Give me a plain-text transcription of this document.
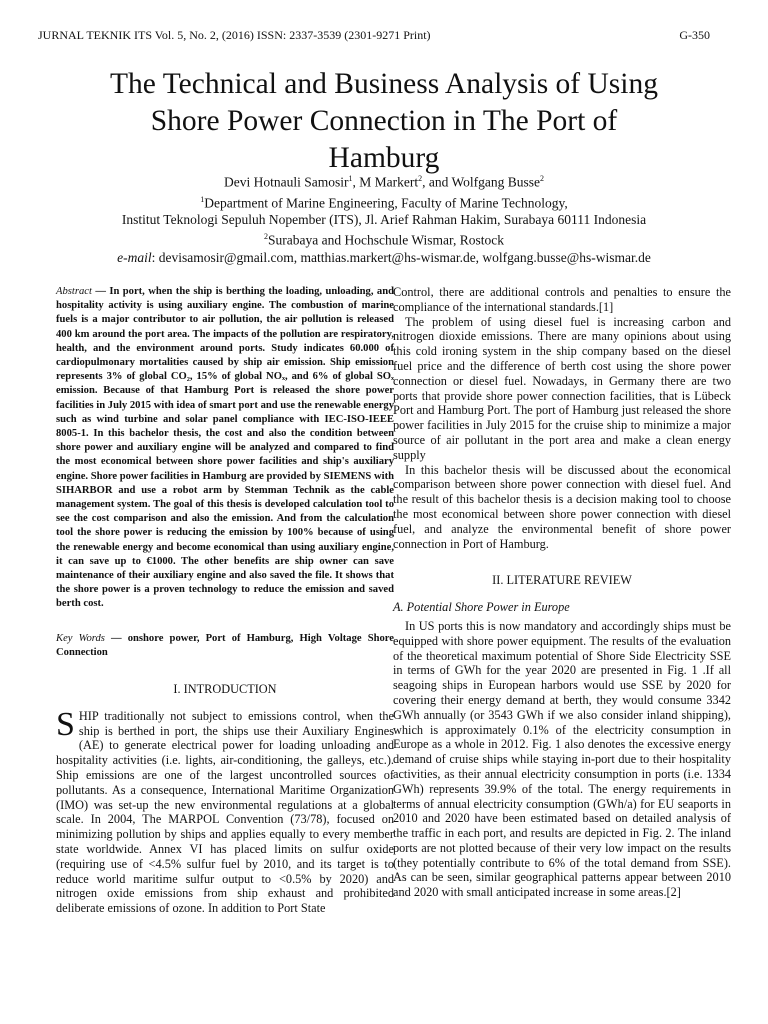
JURNAL TEKNIK ITS Vol. 5, No. 2, (2016) ISSN: 2337-3539 (2301-9271 Print)	G-350
The Technical and Business Analysis of Using
Shore Power Connection in The Port of
Hamburg
Devi Hotnauli Samosir$^1$, M Markert$^2$, and Wolfgang Busse$^2$
$^1$Department of Marine Engineering, Faculty of Marine Technology,
Institut Teknologi Sepuluh Nopember (ITS), Jl. Arief Rahman Hakim, Surabaya 60111 Indonesia
$^2$Surabaya and Hochschule Wismar, Rostock
e-mail: devisamosir@gmail.com, matthias.markert@hs-wismar.de, wolfgang.busse@hs-wismar.de

Abstract — In port, when the ship is berthing the loading, unloading, and hospitality activity is using auxiliary engine. The combustion of marine fuels is a major contributor to air pollution, the air pollution is released 400 km around the port area. The impacts of the pollution are respiratory, health, and the environment around ports. Study indicates 60.000 of cardiopulmonary mortalities caused by ship air emission. Ship emission represents 3% of global CO₂, 15% of global NOₓ, and 6% of global SOₓ emission. Because of that Hamburg Port is released the shore power facilities in July 2015 with idea of smart port and use the renewable energy such as wind turbine and solar panel compliance with IEC-ISO-IEEE 8005-1. In this bachelor thesis, the cost and also the condition between shore power and auxiliary engine will be analyzed and compared to find the most economical between shore power facilities and ship's auxiliary engine. Shore power facilities in Hamburg are provided by SIEMENS with SIHARBOR and use a robot arm by Stemman Technik as the cable management system. The goal of this thesis is developed calculation tool to see the cost comparison and also the emission. And from the calculation tool the shore power is reducing the emission by 100% because of using the renewable energy and become economical than using auxiliary engine, it can save up to €1000. The other benefits are ship owner can save maintenance of their auxiliary engine and also saved the file. It shows that the shore power is a proven technology to reduce the emission and saved berth cost.

Key Words — onshore power, Port of Hamburg, High Voltage Shore Connection

I. INTRODUCTION

SHIP traditionally not subject to emissions control, when the ship is berthed in port, the ships use their Auxiliary Engines (AE) to generate electrical power for loading unloading and hospitality activities (i.e. lights, air-conditioning, the galleys, etc.). Ship emissions are one of the largest uncontrolled sources of pollutants. As a consequence, International Maritime Organization (IMO) was set-up the new environmental regulations at a global scale. In 2004, The MARPOL Convention (73/78), focused on minimizing pollution by ships and applies equally to every member state worldwide. Annex VI has placed limits on sulfur oxide (requiring use of <4.5% sulfur fuel by 2010, and its target is to reduce world maritime sulfur output to <0.5% by 2020) and nitrogen oxide emissions from ship exhaust and prohibited deliberate emissions of ozone. In addition to Port State

Control, there are additional controls and penalties to ensure the compliance of the international standards.[1]

The problem of using diesel fuel is increasing carbon and nitrogen dioxide emissions. There are many opinions about using this cold ironing system in the ship company based on the diesel fuel price and the difference of berth cost using the shore power connection or diesel fuel. Nowadays, in Germany there are two ports that provide shore power connection facilities, that is Lübeck Port and Hamburg Port. The port of Hamburg just released the shore power facilities in July 2015 for the cruise ship to minimize a major source of air pollutant in the port area and make a clean energy supply

In this bachelor thesis will be discussed about the economical comparison between shore power connection with diesel fuel. And the result of this bachelor thesis is a decision making tool to choose the most economical between shore power connection with diesel fuel, and analyze the environmental benefit of shore power connection in Port of Hamburg.

II. LITERATURE REVIEW

A. Potential Shore Power in Europe

In US ports this is now mandatory and accordingly ships must be equipped with shore power equipment. The results of the evaluation of the theoretical maximum potential of Shore Side Electricity SSE in terms of GWh for the year 2020 are presented in Fig. 1 .If all seagoing ships in European harbors would use SSE by 2020 for covering their energy demand at berth, they would consume 3342 GWh annually (or 3543 GWh if we also consider inland shipping), which is approximately 0.1% of the electricity consumption in Europe as a whole in 2012. Fig. 1 also denotes the excessive energy demand of cruise ships while staying in-port due to their hospitality activities, as their annual electricity consumption in ports (i.e. 1334 GWh) represents 39.9% of the total. The energy requirements in terms of annual electricity consumption (GWh/a) for EU seaports in 2010 and 2020 have been estimated based on detailed analysis of the traffic in each port, and results are depicted in Fig. 2. The inland ports are not plotted because of their very low impact on the results (they potentially contribute to 6% of the total demand from SSE). As can be seen, similar geographical patterns appear between 2010 and 2020 with small anticipated increase in some areas.[2]
